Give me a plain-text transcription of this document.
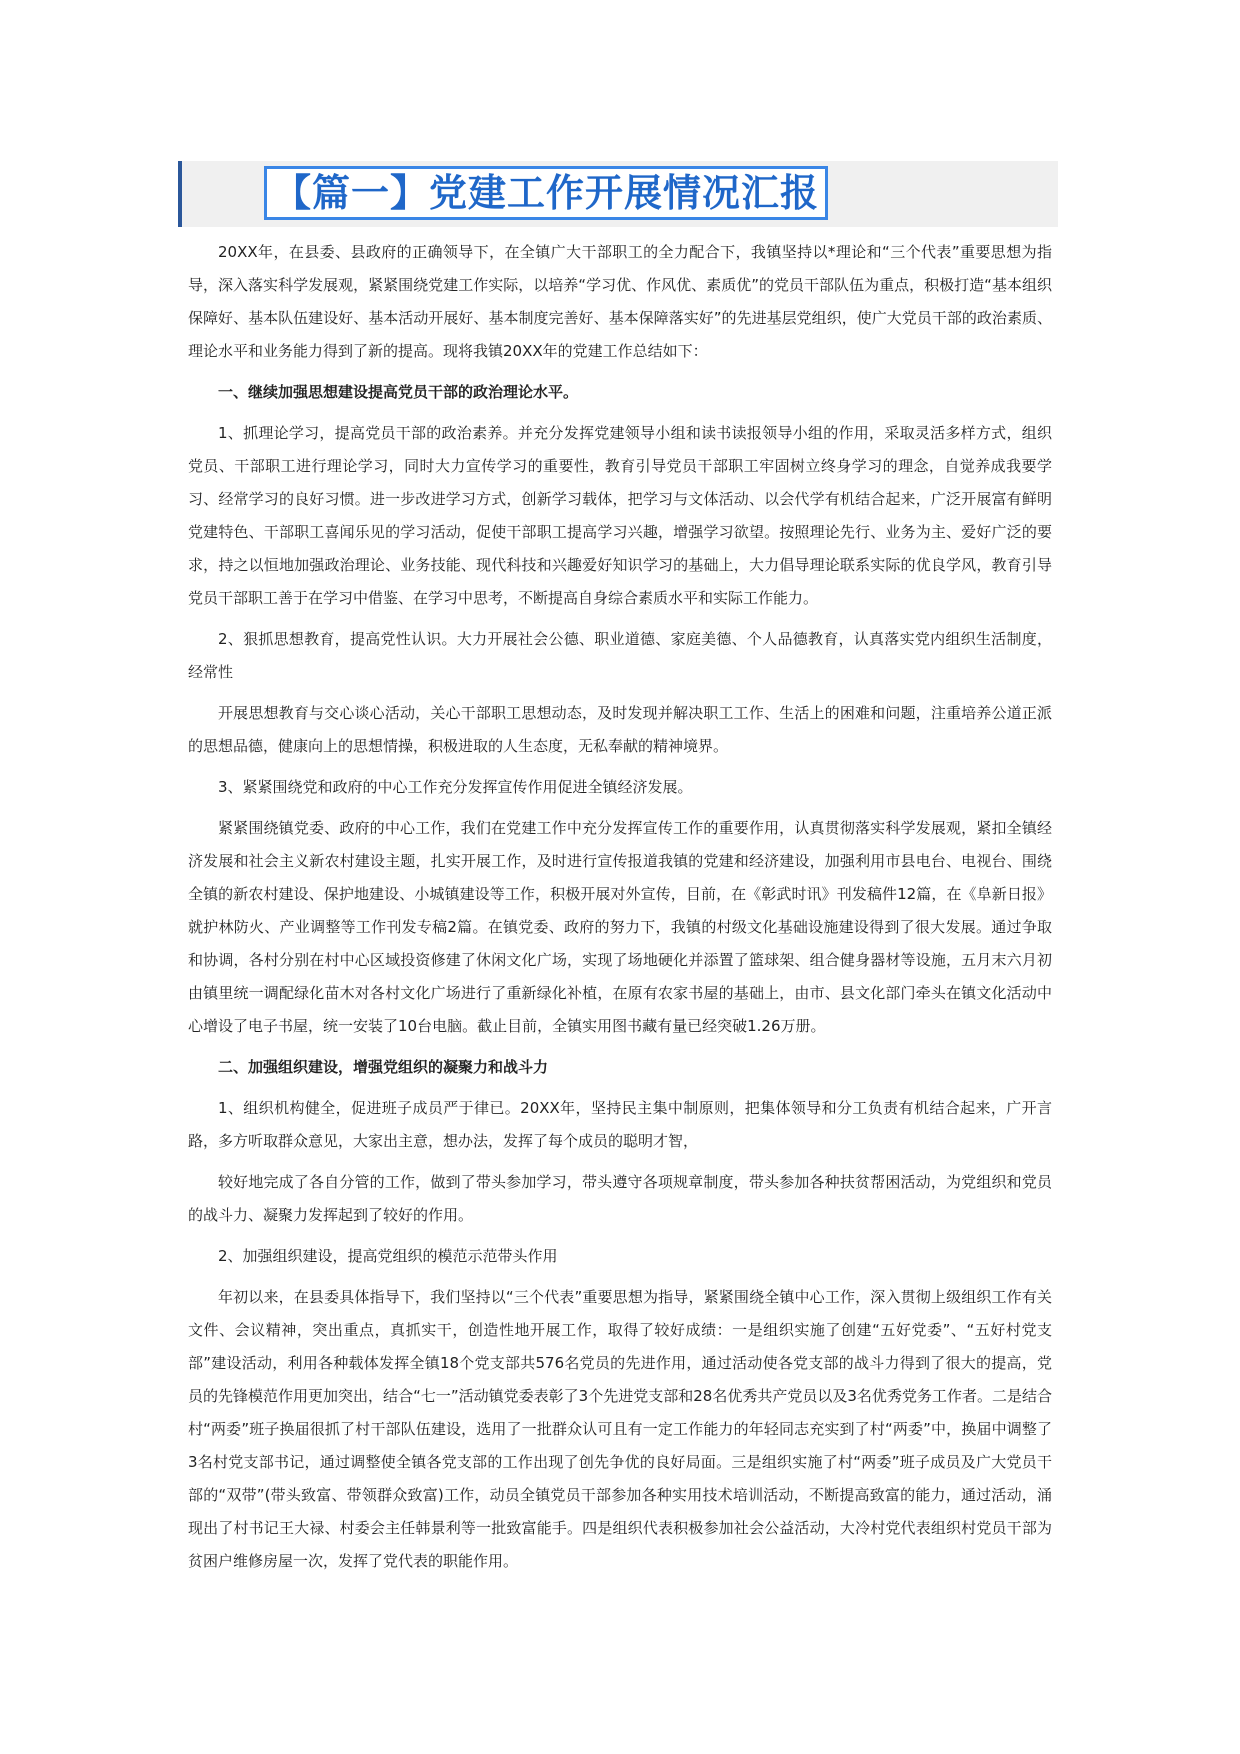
【篇一】党建工作开展情况汇报

20XX年，在县委、县政府的正确领导下，在全镇广大干部职工的全力配合下，我镇坚持以*理论和“三个代表”重要思想为指导，深入落实科学发展观，紧紧围绕党建工作实际，以培养“学习优、作风优、素质优”的党员干部队伍为重点，积极打造“基本组织保障好、基本队伍建设好、基本活动开展好、基本制度完善好、基本保障落实好”的先进基层党组织，使广大党员干部的政治素质、理论水平和业务能力得到了新的提高。现将我镇20XX年的党建工作总结如下：

一、继续加强思想建设提高党员干部的政治理论水平。

1、抓理论学习，提高党员干部的政治素养。并充分发挥党建领导小组和读书读报领导小组的作用，采取灵活多样方式，组织党员、干部职工进行理论学习，同时大力宣传学习的重要性，教育引导党员干部职工牢固树立终身学习的理念，自觉养成我要学习、经常学习的良好习惯。进一步改进学习方式，创新学习载体，把学习与文体活动、以会代学有机结合起来，广泛开展富有鲜明党建特色、干部职工喜闻乐见的学习活动，促使干部职工提高学习兴趣，增强学习欲望。按照理论先行、业务为主、爱好广泛的要求，持之以恒地加强政治理论、业务技能、现代科技和兴趣爱好知识学习的基础上，大力倡导理论联系实际的优良学风，教育引导党员干部职工善于在学习中借鉴、在学习中思考，不断提高自身综合素质水平和实际工作能力。

2、狠抓思想教育，提高党性认识。大力开展社会公德、职业道德、家庭美德、个人品德教育，认真落实党内组织生活制度，经常性

开展思想教育与交心谈心活动，关心干部职工思想动态，及时发现并解决职工工作、生活上的困难和问题，注重培养公道正派的思想品德，健康向上的思想情操，积极进取的人生态度，无私奉献的精神境界。

3、紧紧围绕党和政府的中心工作充分发挥宣传作用促进全镇经济发展。

紧紧围绕镇党委、政府的中心工作，我们在党建工作中充分发挥宣传工作的重要作用，认真贯彻落实科学发展观，紧扣全镇经济发展和社会主义新农村建设主题，扎实开展工作，及时进行宣传报道我镇的党建和经济建设，加强利用市县电台、电视台、围绕全镇的新农村建设、保护地建设、小城镇建设等工作，积极开展对外宣传，目前，在《彰武时讯》刊发稿件12篇，在《阜新日报》就护林防火、产业调整等工作刊发专稿2篇。在镇党委、政府的努力下，我镇的村级文化基础设施建设得到了很大发展。通过争取和协调，各村分别在村中心区域投资修建了休闲文化广场，实现了场地硬化并添置了篮球架、组合健身器材等设施，五月末六月初由镇里统一调配绿化苗木对各村文化广场进行了重新绿化补植，在原有农家书屋的基础上，由市、县文化部门牵头在镇文化活动中心增设了电子书屋，统一安装了10台电脑。截止目前，全镇实用图书藏有量已经突破1.26万册。

二、加强组织建设，增强党组织的凝聚力和战斗力

1、组织机构健全，促进班子成员严于律已。20XX年，坚持民主集中制原则，把集体领导和分工负责有机结合起来，广开言路，多方听取群众意见，大家出主意，想办法，发挥了每个成员的聪明才智，

较好地完成了各自分管的工作，做到了带头参加学习，带头遵守各项规章制度，带头参加各种扶贫帮困活动，为党组织和党员的战斗力、凝聚力发挥起到了较好的作用。

2、加强组织建设，提高党组织的模范示范带头作用

年初以来，在县委具体指导下，我们坚持以“三个代表”重要思想为指导，紧紧围绕全镇中心工作，深入贯彻上级组织工作有关文件、会议精神，突出重点，真抓实干，创造性地开展工作，取得了较好成绩：一是组织实施了创建“五好党委”、“五好村党支部”建设活动，利用各种载体发挥全镇18个党支部共576名党员的先进作用，通过活动使各党支部的战斗力得到了很大的提高，党员的先锋模范作用更加突出，结合“七一”活动镇党委表彰了3个先进党支部和28名优秀共产党员以及3名优秀党务工作者。二是结合村“两委”班子换届很抓了村干部队伍建设，选用了一批群众认可且有一定工作能力的年轻同志充实到了村“两委”中，换届中调整了3名村党支部书记，通过调整使全镇各党支部的工作出现了创先争优的良好局面。三是组织实施了村“两委”班子成员及广大党员干部的“双带”(带头致富、带领群众致富)工作，动员全镇党员干部参加各种实用技术培训活动，不断提高致富的能力，通过活动，涌现出了村书记王大禄、村委会主任韩景利等一批致富能手。四是组织代表积极参加社会公益活动，大冷村党代表组织村党员干部为贫困户维修房屋一次，发挥了党代表的职能作用。
